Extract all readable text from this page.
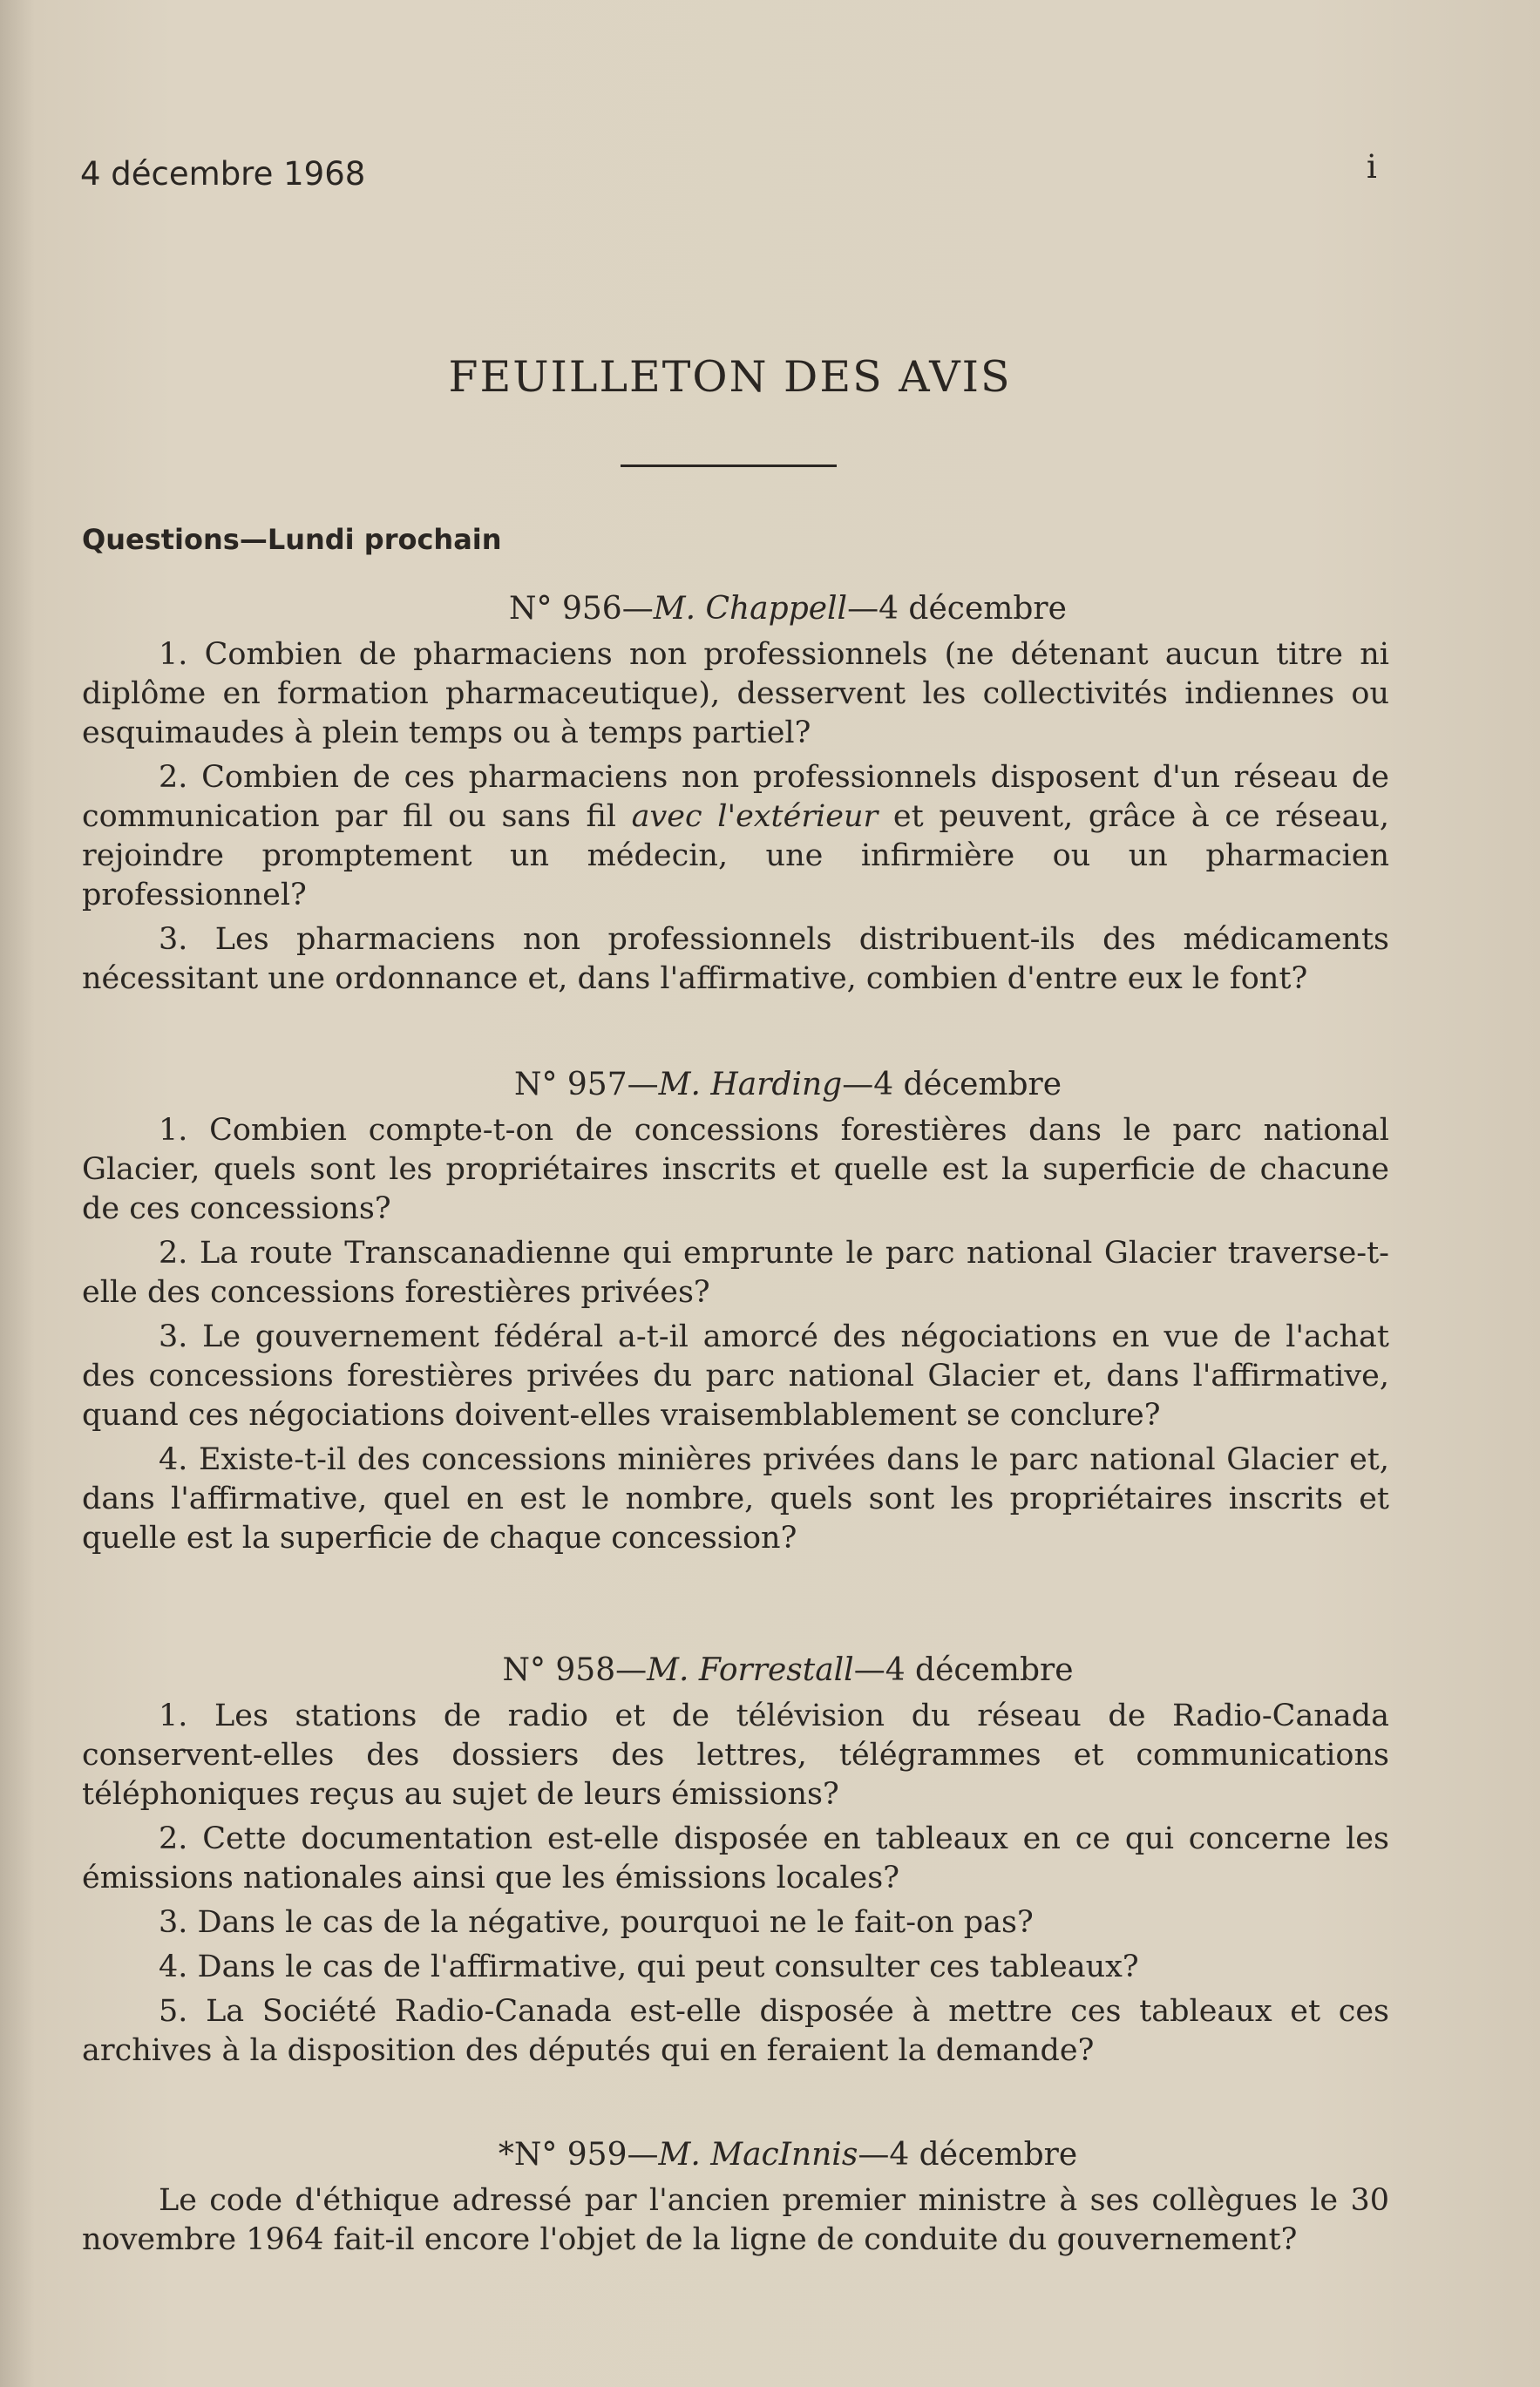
4 décembre 1968	i
FEUILLETON DES AVIS
Questions—Lundi prochain
N° 956—M. Chappell—4 décembre

1. Combien de pharmaciens non professionnels (ne détenant aucun titre ni diplôme en formation pharmaceutique), desservent les collectivités indiennes ou esquimaudes à plein temps ou à temps partiel?

2. Combien de ces pharmaciens non professionnels disposent d'un réseau de communication par fil ou sans fil avec l'extérieur et peuvent, grâce à ce réseau, rejoindre promptement un médecin, une infirmière ou un pharmacien professionnel?

3. Les pharmaciens non professionnels distribuent-ils des médicaments nécessitant une ordonnance et, dans l'affirmative, combien d'entre eux le font?

N° 957—M. Harding—4 décembre

1. Combien compte-t-on de concessions forestières dans le parc national Glacier, quels sont les propriétaires inscrits et quelle est la superficie de chacune de ces concessions?

2. La route Transcanadienne qui emprunte le parc national Glacier traverse-t-elle des concessions forestières privées?

3. Le gouvernement fédéral a-t-il amorcé des négociations en vue de l'achat des concessions forestières privées du parc national Glacier et, dans l'affirmative, quand ces négociations doivent-elles vraisemblablement se conclure?

4. Existe-t-il des concessions minières privées dans le parc national Glacier et, dans l'affirmative, quel en est le nombre, quels sont les propriétaires inscrits et quelle est la superficie de chaque concession?

N° 958—M. Forrestall—4 décembre

1. Les stations de radio et de télévision du réseau de Radio-Canada conservent-elles des dossiers des lettres, télégrammes et communications téléphoniques reçus au sujet de leurs émissions?

2. Cette documentation est-elle disposée en tableaux en ce qui concerne les émissions nationales ainsi que les émissions locales?

3. Dans le cas de la négative, pourquoi ne le fait-on pas?

4. Dans le cas de l'affirmative, qui peut consulter ces tableaux?

5. La Société Radio-Canada est-elle disposée à mettre ces tableaux et ces archives à la disposition des députés qui en feraient la demande?

*N° 959—M. MacInnis—4 décembre

Le code d'éthique adressé par l'ancien premier ministre à ses collègues le 30 novembre 1964 fait-il encore l'objet de la ligne de conduite du gouvernement?
